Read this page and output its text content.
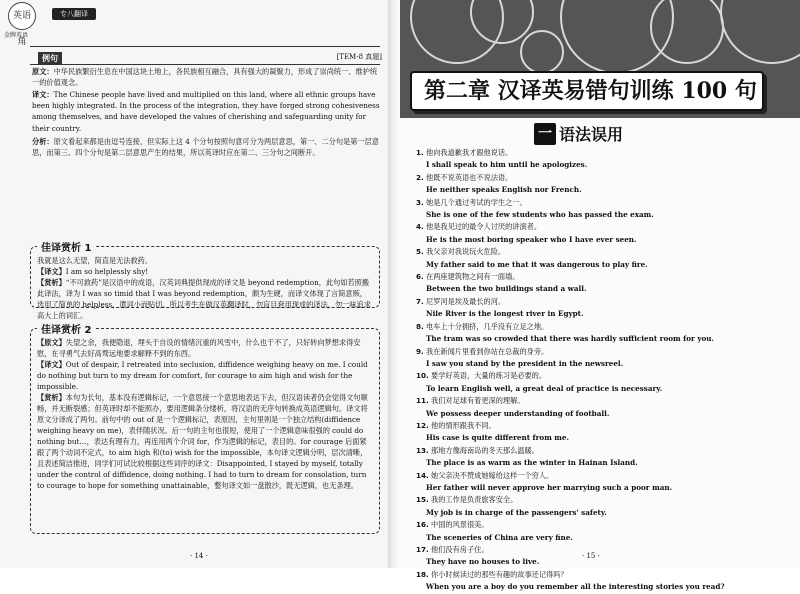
英语角
金牌英语
专八翻译
例句	[TEM-8 真题]

原文：中华民族繁衍生息在中国这块土地上，各民族相互融合，具有强大的凝聚力，形成了崇尚统一、维护统一的价值观念。

译文：The Chinese people have lived and multiplied on this land, where all ethnic groups have been highly integrated. In the process of the integration, they have forged strong cohesiveness among themselves, and have developed the values of cherishing and safeguarding unity for their country.

分析：原文看起来都是由逗号连接，但实际上这 4 个分句按照句意可分为两层意思，第一、二分句是第一层意思，而第三、四个分句是第二层意思产生的结果，所以英译时应在第二、三分句之间断开。

佳译赏析 1

我就是这么无望，简直是无法救药。

【译文】I am so helplessly shy!

【赏析】“不可救药”是汉语中的成语，汉英词典提供现成的译文是 beyond redemption，此句如若照搬此译法，译为 I was so timid that I was beyond redemption，颇为生硬，而译文体现了言简意赅，选用了简单的 helpless，遣词小而贴切。所以考生在做汉英翻译时，勿盲目套用现成的译法，勿一味追求高大上的词汇。

佳译赏析 2

【原文】失望之余，我便隐退，埋头于自设的情绪沉重的风雪中，什么也干不了，只好转向梦想求得安慰，在寻勇气去好高骛远地要求解释不到的东西。

【译文】Out of despair, I retreated into seclusion, diffidence weighing heavy on me. I could do nothing but turn to my dream for comfort, for courage to aim high and wish for the impossible.

【赏析】本句为长句，基本没有逻辑标记，一个意思接一个意思地表达下去，但汉语读者仍会觉得文句顺畅，并无断裂感；但英译时却不能照办，要用逻辑条分缕析，将汉语的无序句转换成英语逻辑句。译文将原文分译成了两句。前句中的 out of 是一个逻辑标记，表原因，主句里则是一个独立结构(diffidence weighing heavy on me)，表伴随状况。后一句的主句也很短，使用了一个逻辑意味很强的 could do nothing but…，表达有理有力，再连用两个介词 for，作为逻辑的标记，表目的。for courage 后面紧跟了两个动词不定式，to aim high 和(to) wish for the impossible，本句译文逻辑分明，层次清晰，且表述简洁推进，同学们可试比较根据这些词序的译文：Disappointed, I stayed by myself, totally under the control of diffidence, doing nothing. I had to turn to dream for consolation, turn to courage to hope for something unattainable，整句译文如一盘散沙，既无逻辑，也无条理。

· 14 ·
第二章 汉译英易错句训练 100 句
一 语法误用
1. 他向我道歉我才跟他说话。
I shall speak to him until he apologizes.
2. 他既不说英语也不说法语。
He neither speaks English nor French.
3. 她是几个通过考试的学生之一。
She is one of the few students who has passed the exam.
4. 他是我见过的最令人讨厌的讲演者。
He is the most boring speaker who I have ever seen.
5. 我父亲对我说玩火危险。
My father said to me that it was dangerous to play fire.
6. 在两座建筑物之间有一面墙。
Between the two buildings stand a wall.
7. 尼罗河是埃及最长的河。
Nile River is the longest river in Egypt.
8. 电车上十分拥挤，几乎没有立足之地。
The tram was so crowded that there was hardly sufficient room for you.
9. 我在新闻片里看到你站在总裁的身旁。
I saw you stand by the president in the newsreel.
10. 要学好英语，大量的练习是必要的。
To learn English well, a great deal of practice is necessary.
11. 我们对足球有着更深的理解。
We possess deeper understanding of football.
12. 他的情形跟我不同。
His case is quite different from me.
13. 那地方像海南岛的冬天那么温暖。
The place is as warm as the winter in Hainan Island.
14. 她父亲决不赞成她嫁给这样一个穷人。
Her father will never approve her marrying such a poor man.
15. 我的工作是负责旅客安全。
My job is in charge of the passengers' safety.
16. 中国的风景很美。
The sceneries of China are very fine.
17. 他们没有房子住。
They have no houses to live.
18. 你小时候读过的那些有趣的故事还记得吗？
When you are a boy do you remember all the interesting stories you read?
· 15 ·
